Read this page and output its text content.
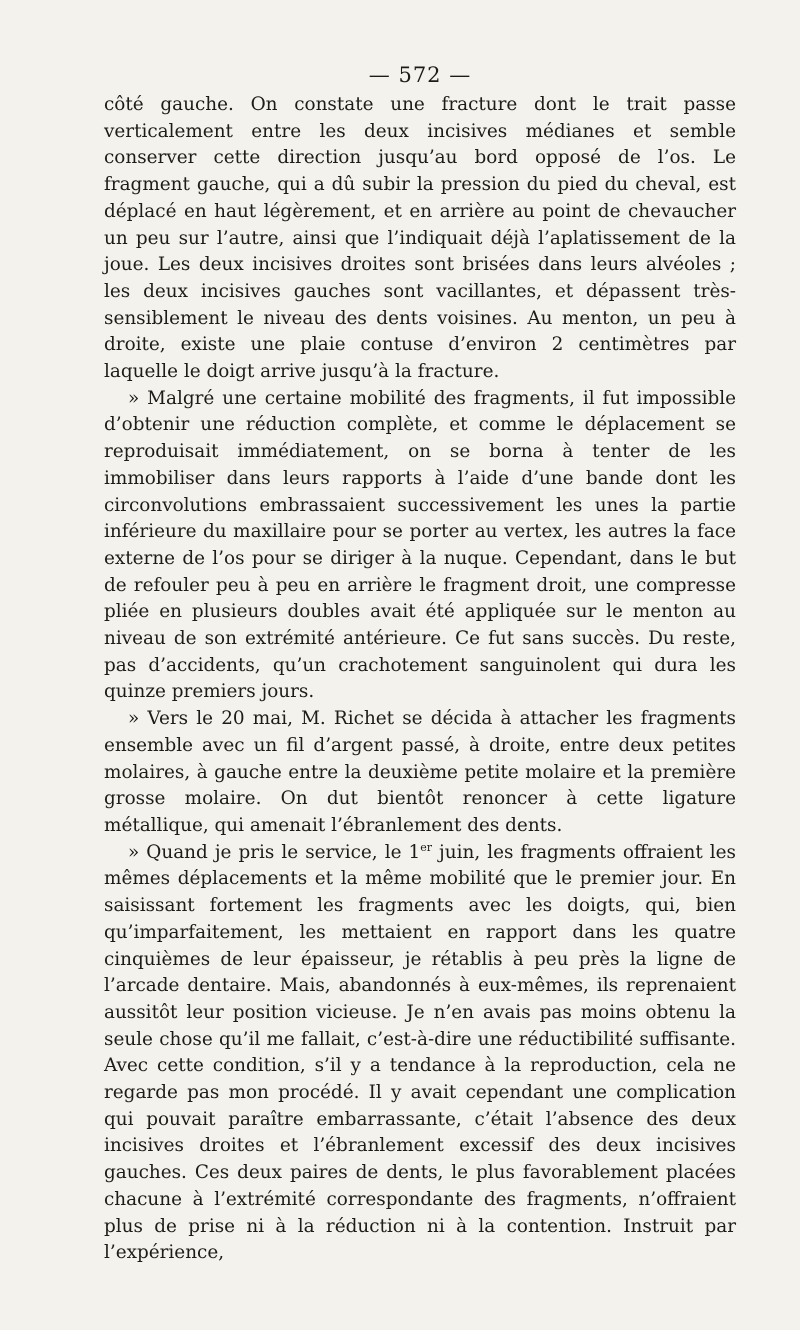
— 572 —

côté gauche. On constate une fracture dont le trait passe verticalement entre les deux incisives médianes et semble conserver cette direction jusqu’au bord opposé de l’os. Le fragment gauche, qui a dû subir la pression du pied du cheval, est déplacé en haut légèrement, et en arrière au point de chevaucher un peu sur l’autre, ainsi que l’indiquait déjà l’aplatissement de la joue. Les deux incisives droites sont brisées dans leurs alvéoles ; les deux incisives gauches sont vacillantes, et dépassent très-sensiblement le niveau des dents voisines. Au menton, un peu à droite, existe une plaie contuse d’environ 2 centimètres par laquelle le doigt arrive jusqu’à la fracture.

» Malgré une certaine mobilité des fragments, il fut impossible d’obtenir une réduction complète, et comme le déplacement se reproduisait immédiatement, on se borna à tenter de les immobiliser dans leurs rapports à l’aide d’une bande dont les circonvolutions embrassaient successivement les unes la partie inférieure du maxillaire pour se porter au vertex, les autres la face externe de l’os pour se diriger à la nuque. Cependant, dans le but de refouler peu à peu en arrière le fragment droit, une compresse pliée en plusieurs doubles avait été appliquée sur le menton au niveau de son extrémité antérieure. Ce fut sans succès. Du reste, pas d’accidents, qu’un crachotement sanguinolent qui dura les quinze premiers jours.

» Vers le 20 mai, M. Richet se décida à attacher les fragments ensemble avec un fil d’argent passé, à droite, entre deux petites molaires, à gauche entre la deuxième petite molaire et la première grosse molaire. On dut bientôt renoncer à cette ligature métallique, qui amenait l’ébranlement des dents.

» Quand je pris le service, le 1er juin, les fragments offraient les mêmes déplacements et la même mobilité que le premier jour. En saisissant fortement les fragments avec les doigts, qui, bien qu’imparfaitement, les mettaient en rapport dans les quatre cinquièmes de leur épaisseur, je rétablis à peu près la ligne de l’arcade dentaire. Mais, abandonnés à eux-mêmes, ils reprenaient aussitôt leur position vicieuse. Je n’en avais pas moins obtenu la seule chose qu’il me fallait, c’est-à-dire une réductibilité suffisante. Avec cette condition, s’il y a tendance à la reproduction, cela ne regarde pas mon procédé. Il y avait cependant une complication qui pouvait paraître embarrassante, c’était l’absence des deux incisives droites et l’ébranlement excessif des deux incisives gauches. Ces deux paires de dents, le plus favorablement placées chacune à l’extrémité correspondante des fragments, n’offraient plus de prise ni à la réduction ni à la contention. Instruit par l’expérience,
